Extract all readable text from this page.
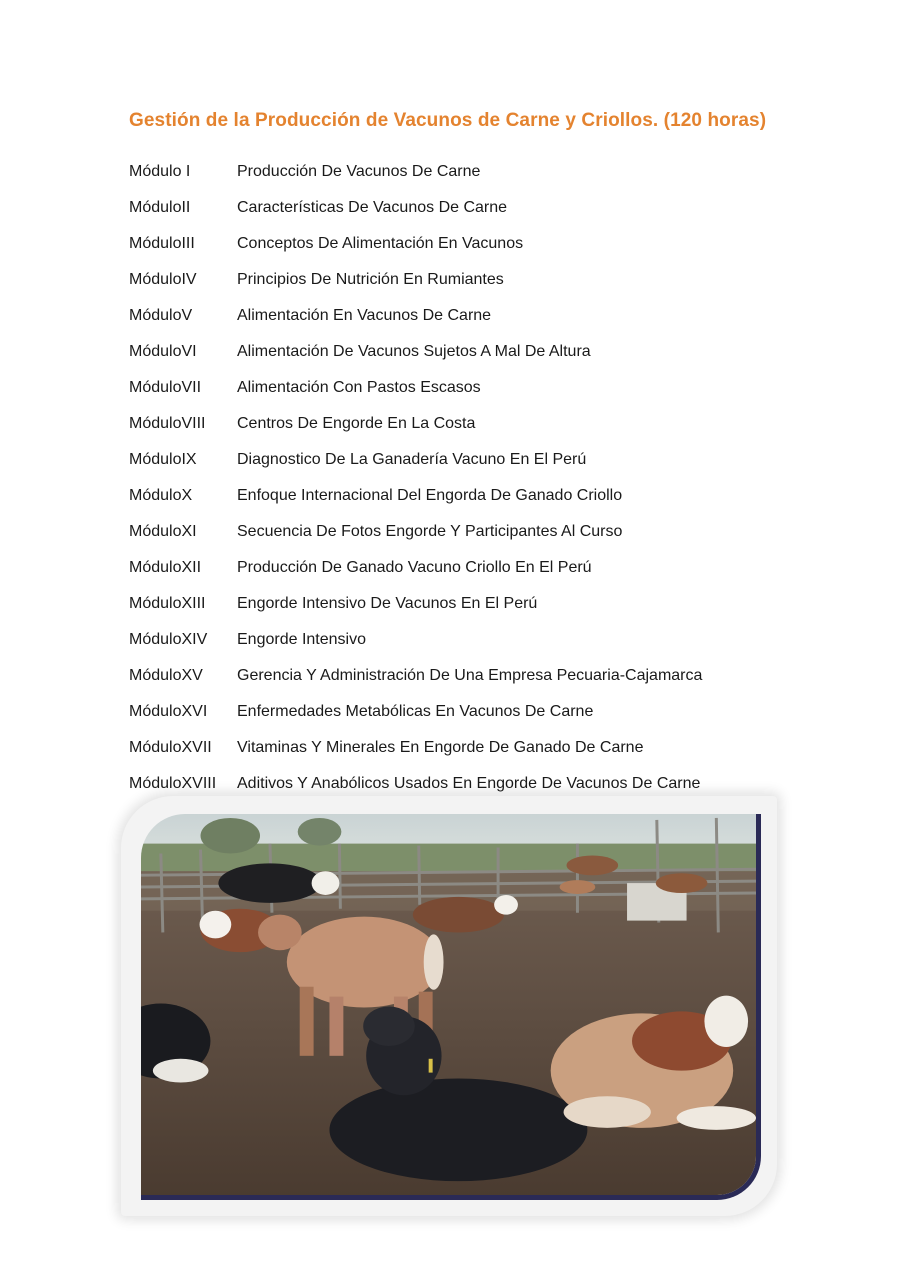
Gestión de la Producción de Vacunos de Carne y Criollos. (120 horas)
Módulo I	Producción De Vacunos De Carne
MóduloII	Características De Vacunos De Carne
MóduloIII	Conceptos De Alimentación En Vacunos
MóduloIV	Principios De Nutrición En Rumiantes
MóduloV	Alimentación En Vacunos De Carne
MóduloVI	Alimentación De Vacunos Sujetos A Mal De Altura
MóduloVII	Alimentación Con Pastos Escasos
MóduloVIII	Centros De Engorde En La Costa
MóduloIX	Diagnostico De La Ganadería Vacuno En El Perú
MóduloX	Enfoque Internacional Del Engorda De Ganado Criollo
MóduloXI	Secuencia De Fotos Engorde Y Participantes Al Curso
MóduloXII	Producción De Ganado Vacuno Criollo En El Perú
MóduloXIII	Engorde Intensivo De Vacunos En El Perú
MóduloXIV	Engorde Intensivo
MóduloXV	Gerencia Y Administración De Una Empresa Pecuaria-Cajamarca
MóduloXVI	Enfermedades Metabólicas En Vacunos De Carne
MóduloXVII	Vitaminas Y Minerales En Engorde De Ganado De Carne
MóduloXVIII	Aditivos Y Anabólicos Usados En Engorde De Vacunos De Carne
